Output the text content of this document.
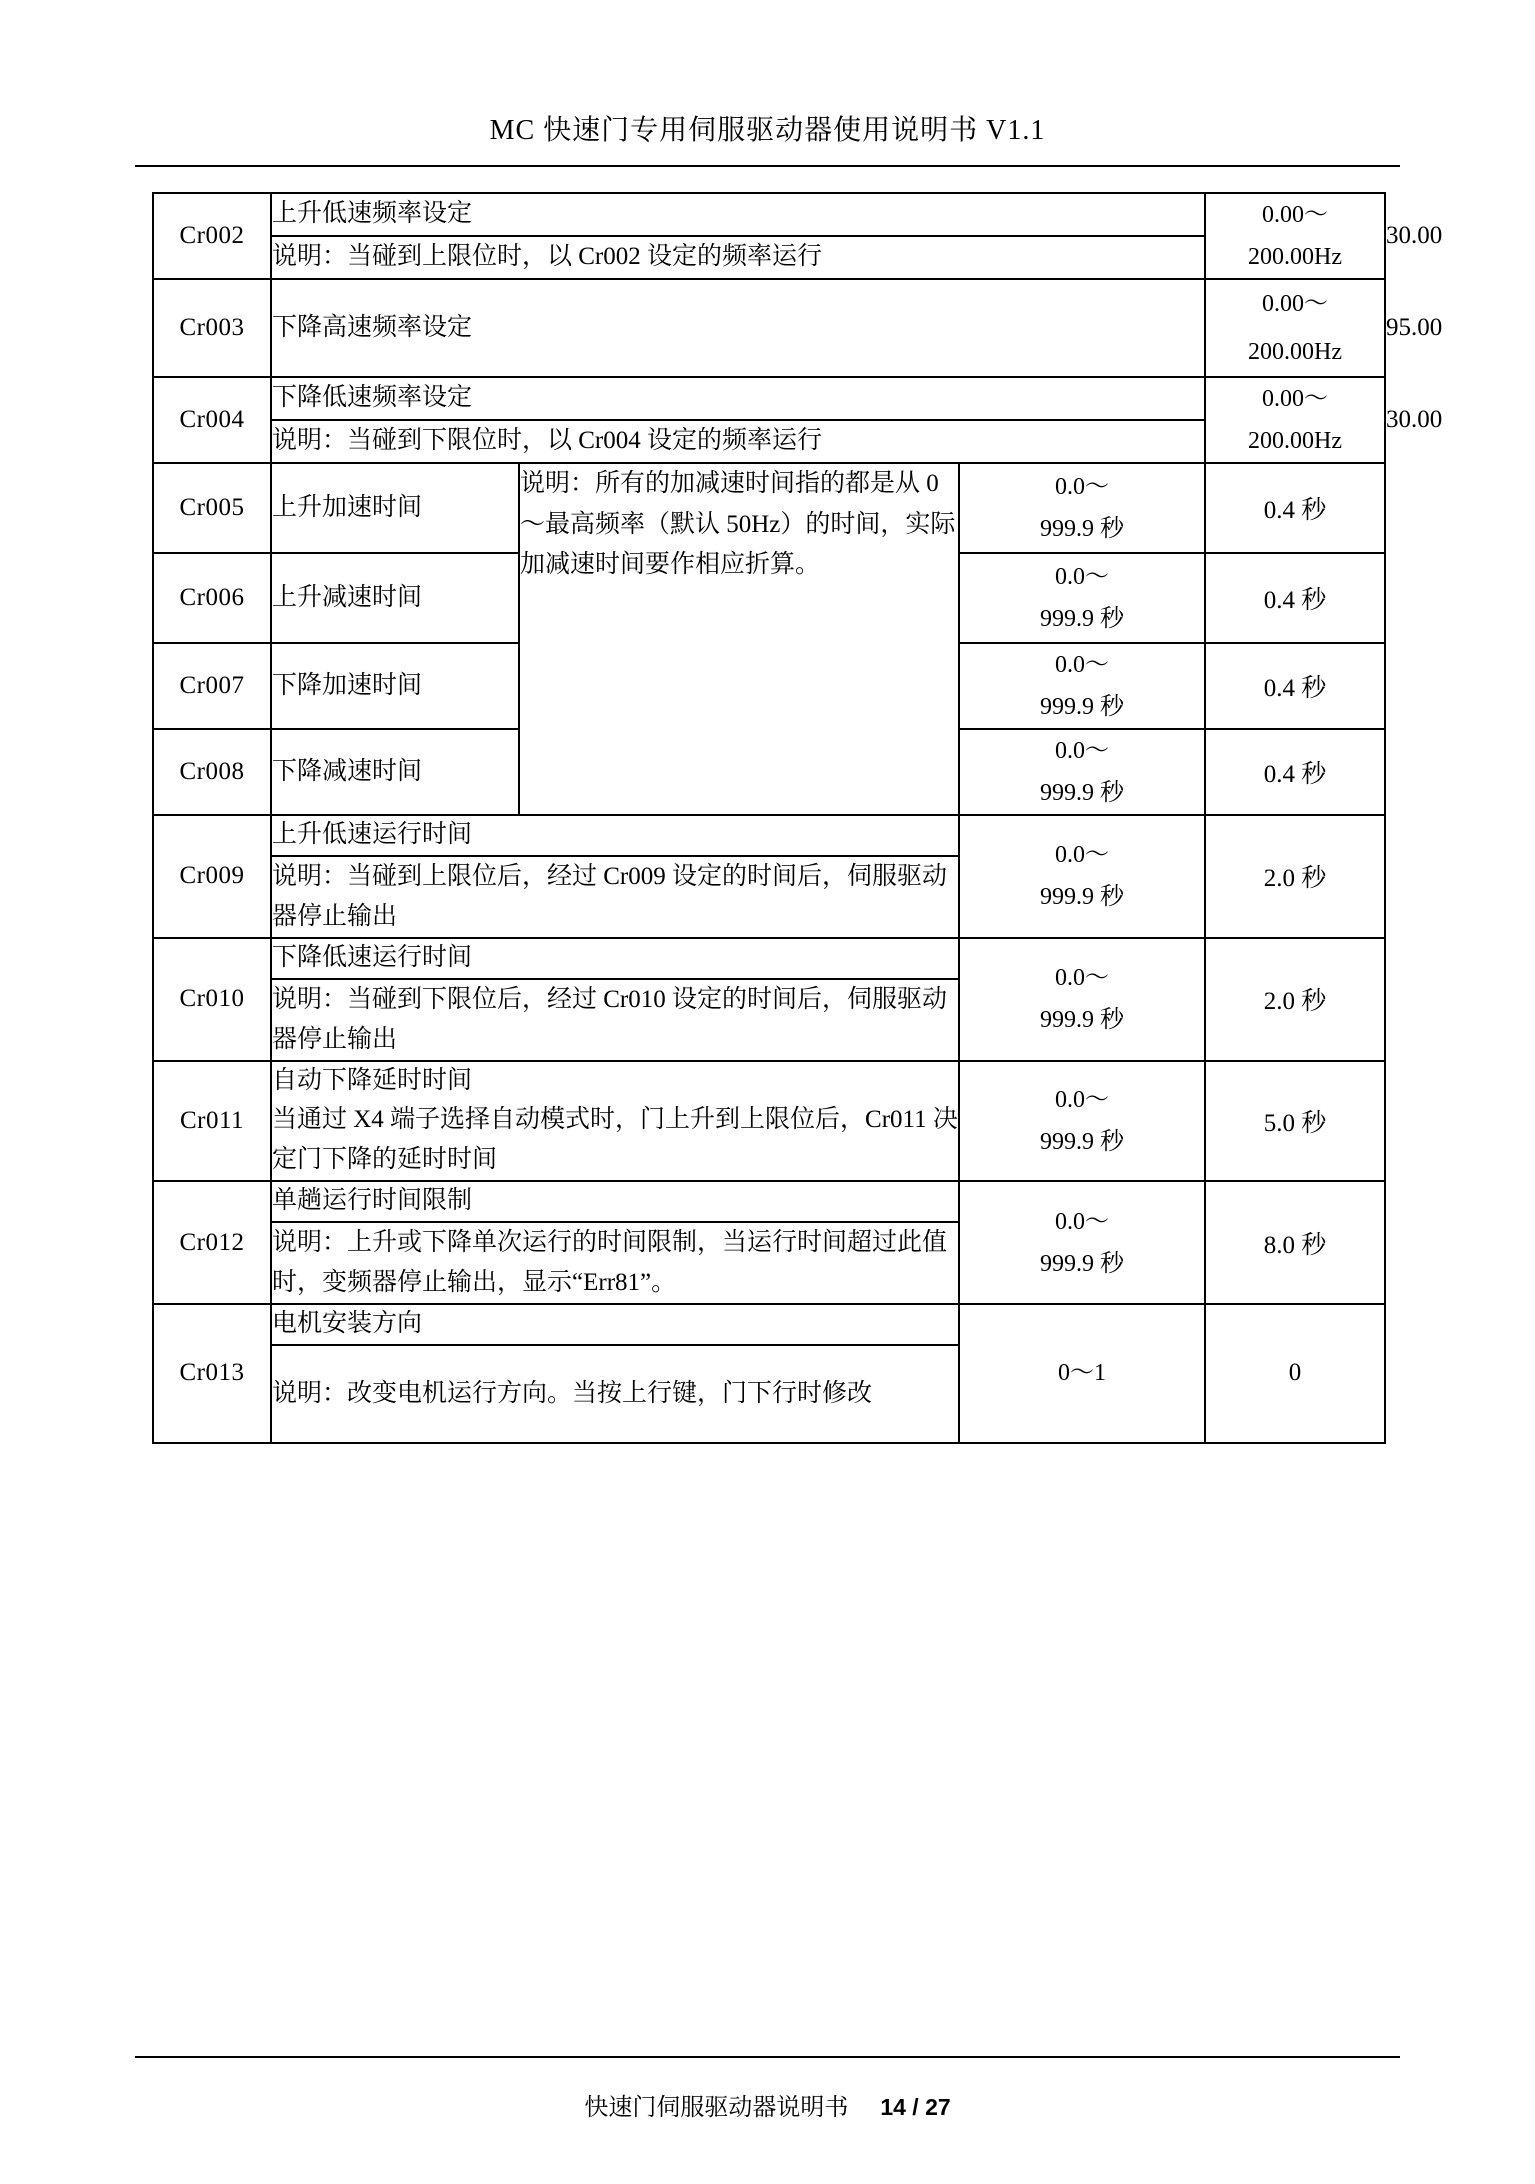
MC 快速门专用伺服驱动器使用说明书 V1.1
Cr002	上升低速频率设定			0.00～	30.00
	说明：当碰到上限位时，以 Cr002 设定的频率运行			200.00Hz	
Cr003	下降高速频率设定			0.00～	95.00
				200.00Hz	
Cr004	下降低速频率设定			0.00～	30.00
	说明：当碰到下限位时，以 Cr004 设定的频率运行			200.00Hz	
Cr005	上升加速时间	说明：所有的加减速时间指的都是从 0～最高频率（默认 50Hz）的时间，实际加减速时间要作相应折算。	0.0～
999.9 秒	0.4 秒	
Cr006	上升减速时间		0.0～
999.9 秒	0.4 秒	
Cr007	下降加速时间		0.0～
999.9 秒	0.4 秒	
Cr008	下降减速时间		0.0～
999.9 秒	0.4 秒	
Cr009	上升低速运行时间		0.0～
999.9 秒	2.0 秒	
	说明：当碰到上限位后，经过 Cr009 设定的时间后，伺服驱动器停止输出				
Cr010	下降低速运行时间		0.0～
999.9 秒	2.0 秒	
	说明：当碰到下限位后，经过 Cr010 设定的时间后，伺服驱动器停止输出				
Cr011	自动下降延时时间		0.0～
999.9 秒	5.0 秒	
	当通过 X4 端子选择自动模式时，门上升到上限位后，Cr011 决定门下降的延时时间				
Cr012	单趟运行时间限制		0.0～
999.9 秒	8.0 秒	
	说明：上升或下降单次运行的时间限制，当运行时间超过此值时，变频器停止输出，显示“Err81”。				
Cr013	电机安装方向		0～1	0	
	说明：改变电机运行方向。当按上行键，门下行时修改				
快速门伺服驱动器说明书 14 / 27
